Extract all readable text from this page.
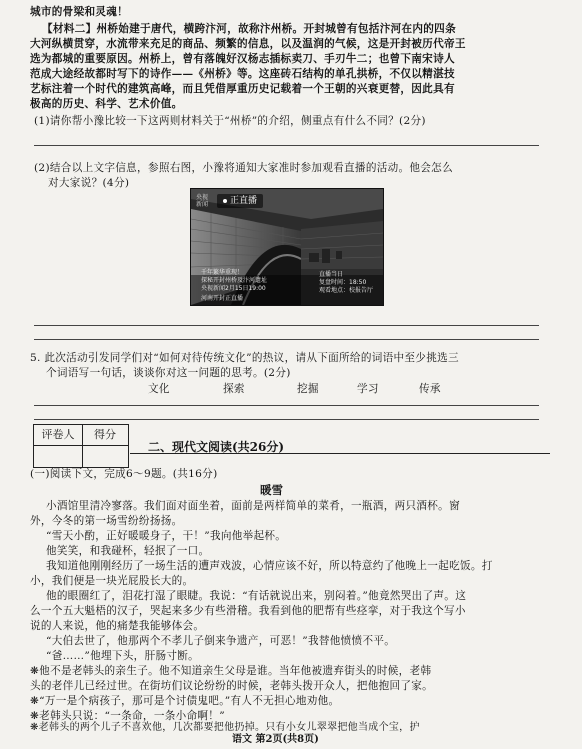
城市的骨梁和灵魂！
【材料二】州桥始建于唐代，横跨汴河，故称汴州桥。开封城曾有包括汴河在内的四条
大河纵横贯穿，水流带来充足的商品、频繁的信息，以及温润的气候，这是开封被历代帝王
选为都城的重要原因。州桥上，曾有落魄好汉杨志插标卖刀、手刃牛二；也曾下南宋诗人
范成大途经故都时写下的诗作——《州桥》等。这座砖石结构的单孔拱桥，不仅以精湛技
艺标注着一个时代的建筑高峰，而且凭借厚重历史记载着一个王朝的兴衰更替，因此具有
极高的历史、科学、艺术价值。
(1)请你帮小豫比较一下这两则材料关于“州桥”的介绍，侧重点有什么不同？(2分)
(2)结合以上文字信息，参照右图，小豫将通知大家准时参加观看直播的活动。他会怎么
对大家说？(4分)
央视
新闻	正直播
千年繁华重现！
探秘开封州桥及汴河遗址
央视新闻2月15日19:00
河南开封正直播
直播当日
复盘时间：18:50
观看地点：校报告厅
5. 此次活动引发同学们对“如何对待传统文化”的热议，请从下面所给的词语中至少挑选三
个词语写一句话，谈谈你对这一问题的思考。(2分)
文化	探索	挖掘	学习	传承
评卷人	得分
二、现代文阅读(共26分)
(一)阅读下文，完成6～9题。(共16分)
暖雪
小酒馆里清冷寥落。我们面对面坐着，面前是两样简单的菜肴，一瓶酒，两只酒杯。窗
外，今冬的第一场雪纷纷扬扬。
“雪天小酌，正好暖暖身子，干！”我向他举起杯。
他笑笑，和我碰杯，轻抿了一口。
我知道他刚刚经历了一场生活的遭声戏波，心情应该不好，所以特意约了他晚上一起吃饭。打
小，我们便是一块光屁股长大的。
他的眼圈红了，泪花打湿了眼睫。我说：“有话就说出来，别闷着。”他竟然哭出了声。这
么一个五大魁梧的汉子，哭起来多少有些滑稽。我看到他的肥帮有些痉挛，对于我这个写小
说的人来说，他的痛楚我能够体会。
“大伯去世了，他那两个不孝儿子倒来争遗产，可恶！”我替他愤愤不平。
“爸……”他埋下头，肝肠寸断。
❋他不是老韩头的亲生子。他不知道亲生父母是谁。当年他被遗弃街头的时候，老韩
头的老伴儿已经过世。在街坊们议论纷纷的时候，老韩头拨开众人，把他抱回了家。
❋“万一是个病孩子，那可是个讨债鬼吧。”有人不无担心地劝他。
❋老韩头只说：“一条命，一条小命啊！”
❋老韩头的两个儿子不喜欢他，几次都要把他扔掉。只有小女儿翠翠把他当成个宝，护
语文 第2页(共8页)
